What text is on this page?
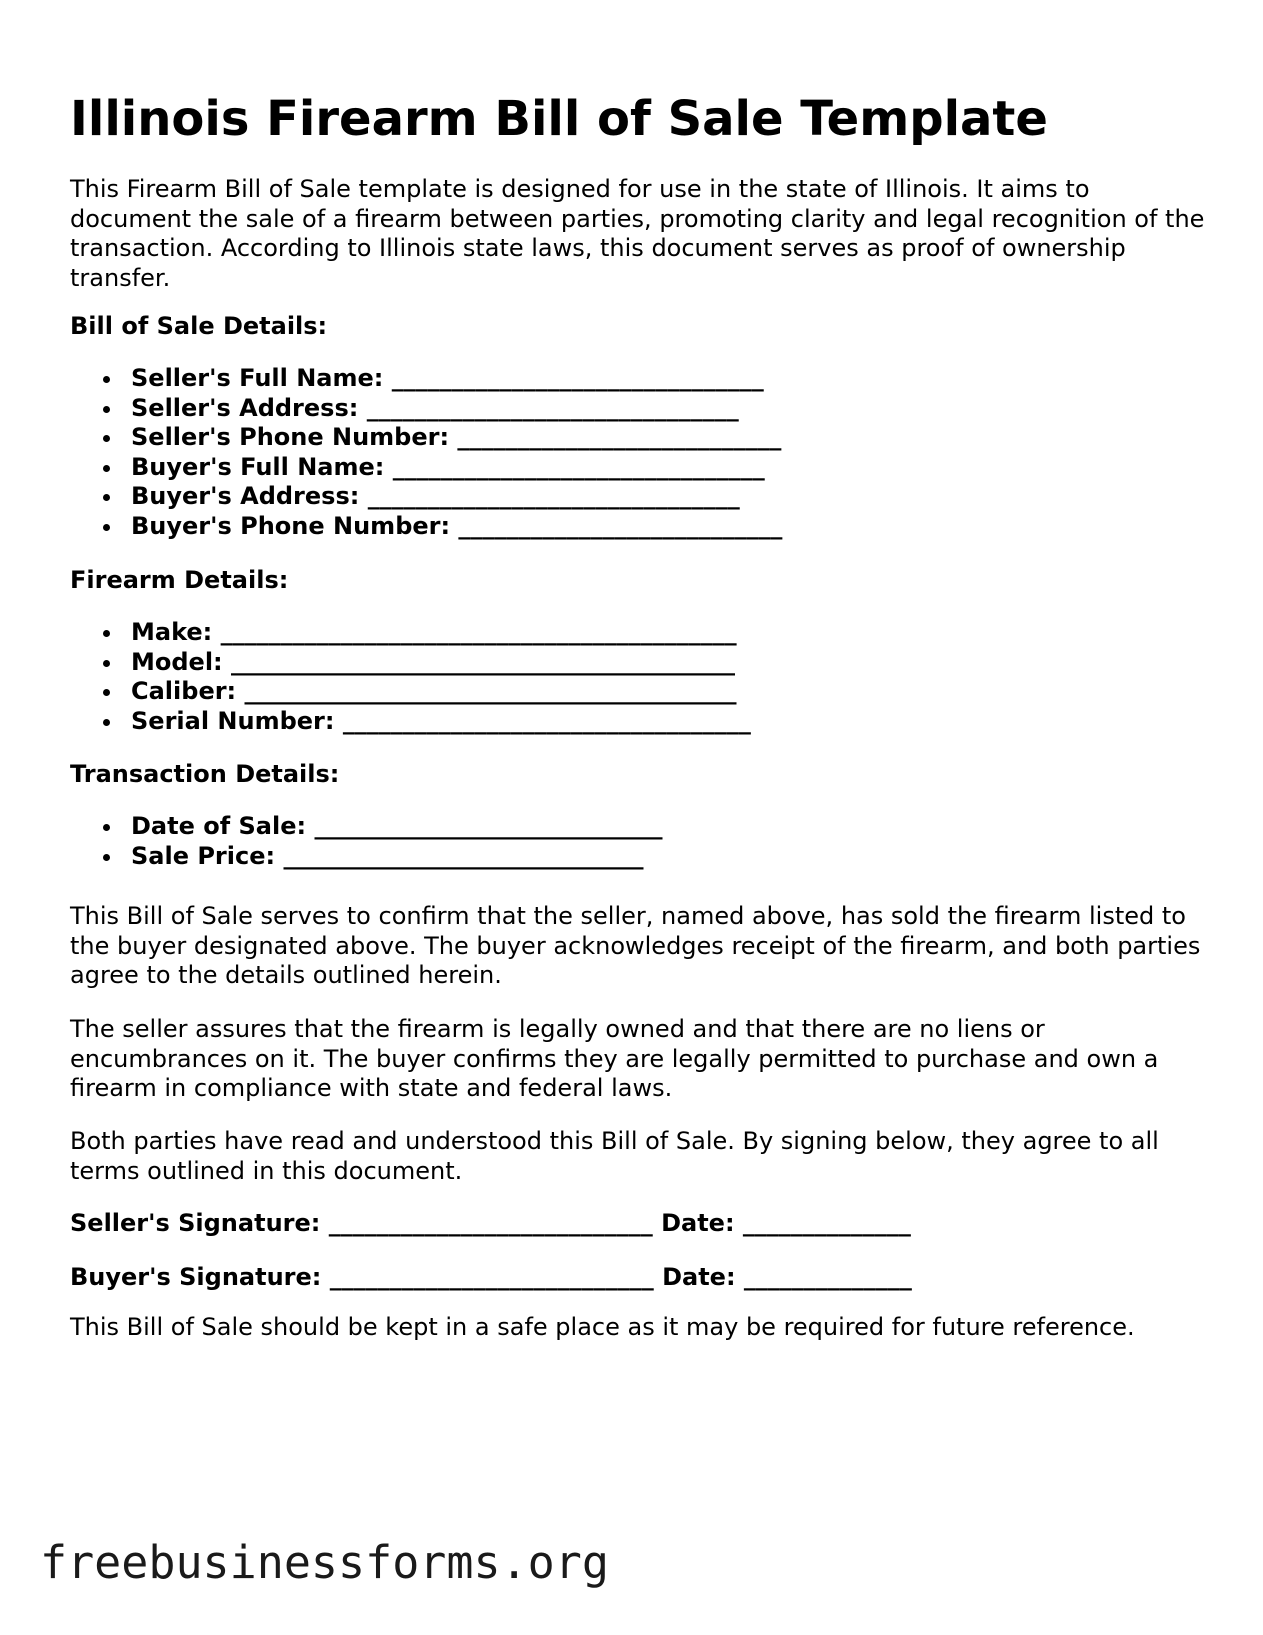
Illinois Firearm Bill of Sale Template

This Firearm Bill of Sale template is designed for use in the state of Illinois. It aims to document the sale of a firearm between parties, promoting clarity and legal recognition of the transaction. According to Illinois state laws, this document serves as proof of ownership transfer.

Bill of Sale Details:

Seller's Full Name: _______________________________
Seller's Address: _______________________________
Seller's Phone Number: ___________________________
Buyer's Full Name: _______________________________
Buyer's Address: _______________________________
Buyer's Phone Number: ___________________________

Firearm Details:

Make: ___________________________________________
Model: __________________________________________
Caliber: _________________________________________
Serial Number: __________________________________

Transaction Details:

Date of Sale: _____________________________
Sale Price: ______________________________

This Bill of Sale serves to confirm that the seller, named above, has sold the firearm listed to the buyer designated above. The buyer acknowledges receipt of the firearm, and both parties agree to the details outlined herein.

The seller assures that the firearm is legally owned and that there are no liens or encumbrances on it. The buyer confirms they are legally permitted to purchase and own a firearm in compliance with state and federal laws.

Both parties have read and understood this Bill of Sale. By signing below, they agree to all terms outlined in this document.

Seller's Signature: ___________________________ Date: ______________

Buyer's Signature: ___________________________ Date: ______________

This Bill of Sale should be kept in a safe place as it may be required for future reference.

freebusinessforms.org
